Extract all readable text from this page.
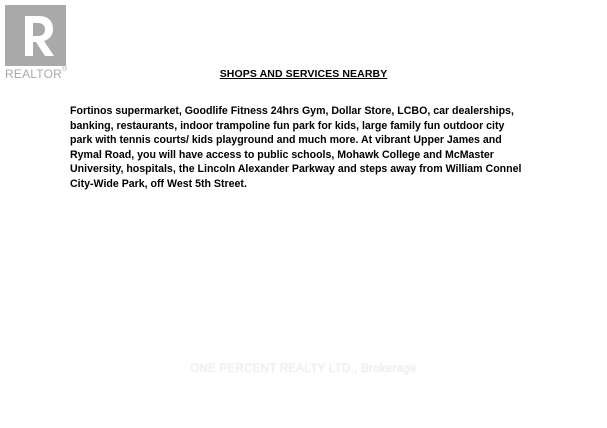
REALTOR®	SHOPS AND SERVICES NEARBY

Fortinos supermarket, Goodlife Fitness 24hrs Gym, Dollar Store, LCBO, car dealerships,
banking, restaurants, indoor trampoline fun park for kids, large family fun outdoor city
park with tennis courts/ kids playground and much more. At vibrant Upper James and
Rymal Road, you will have access to public schools, Mohawk College and McMaster
University, hospitals, the Lincoln Alexander Parkway and steps away from William Connel
City-Wide Park, off West 5th Street.

ONE PERCENT REALTY LTD., Brokerage
